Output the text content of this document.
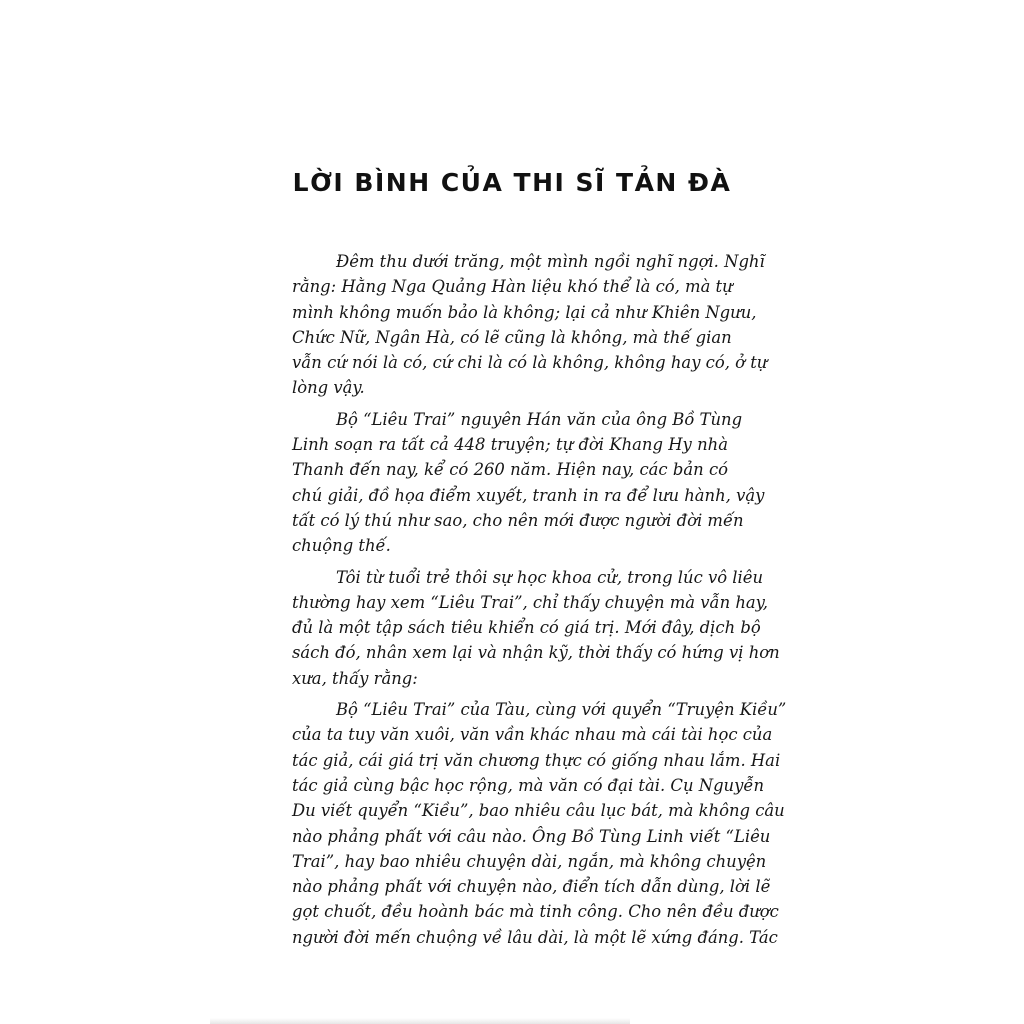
LỜI BÌNH CỦA THI SĨ TẢN ĐÀ

Đêm thu dưới trăng, một mình ngồi nghĩ ngợi. Nghĩ
rằng: Hằng Nga Quảng Hàn liệu khó thể là có, mà tự
mình không muốn bảo là không; lại cả như Khiên Ngưu,
Chức Nữ, Ngân Hà, có lẽ cũng là không, mà thế gian
vẫn cứ nói là có, cứ chi là có là không, không hay có, ở tự
lòng vậy.

Bộ “Liêu Trai” nguyên Hán văn của ông Bồ Tùng
Linh soạn ra tất cả 448 truyện; tự đời Khang Hy nhà
Thanh đến nay, kể có 260 năm. Hiện nay, các bản có
chú giải, đồ họa điểm xuyết, tranh in ra để lưu hành, vậy
tất có lý thú như sao, cho nên mới được người đời mến
chuộng thế.

Tôi từ tuổi trẻ thôi sự học khoa cử, trong lúc vô liêu
thường hay xem “Liêu Trai”, chỉ thấy chuyện mà vẫn hay,
đủ là một tập sách tiêu khiển có giá trị. Mới đây, dịch bộ
sách đó, nhân xem lại và nhận kỹ, thời thấy có hứng vị hơn
xưa, thấy rằng:

Bộ “Liêu Trai” của Tàu, cùng với quyển “Truyện Kiều”
của ta tuy văn xuôi, văn vần khác nhau mà cái tài học của
tác giả, cái giá trị văn chương thực có giống nhau lắm. Hai
tác giả cùng bậc học rộng, mà văn có đại tài. Cụ Nguyễn
Du viết quyển “Kiều”, bao nhiêu câu lục bát, mà không câu
nào phảng phất với câu nào. Ông Bồ Tùng Linh viết “Liêu
Trai”, hay bao nhiêu chuyện dài, ngắn, mà không chuyện
nào phảng phất với chuyện nào, điển tích dẫn dùng, lời lẽ
gọt chuốt, đều hoành bác mà tinh công. Cho nên đều được
người đời mến chuộng về lâu dài, là một lẽ xứng đáng. Tác
